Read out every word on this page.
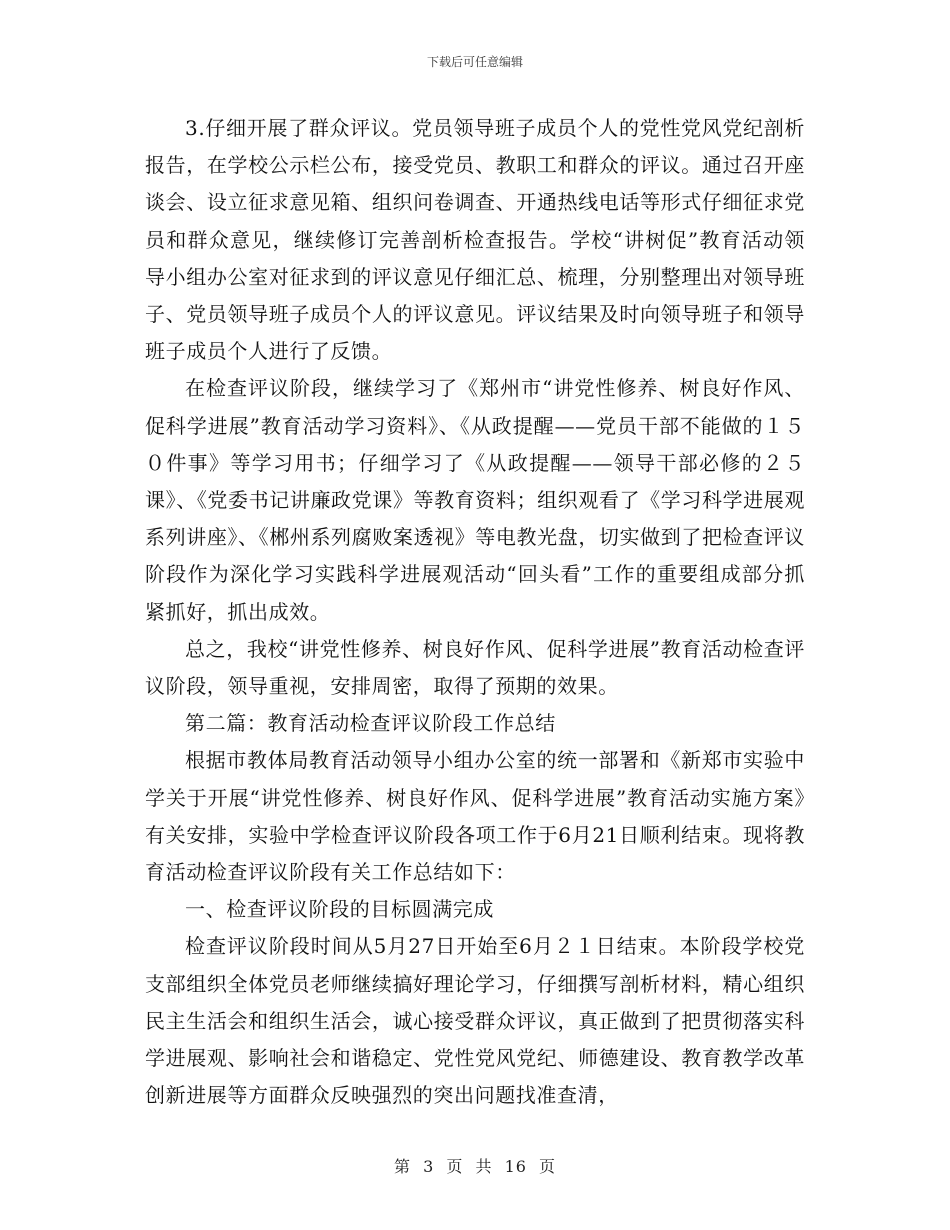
下载后可任意编辑

3.仔细开展了群众评议。党员领导班子成员个人的党性党风党纪剖析报告，在学校公示栏公布，接受党员、教职工和群众的评议。通过召开座谈会、设立征求意见箱、组织问卷调查、开通热线电话等形式仔细征求党员和群众意见，继续修订完善剖析检查报告。学校“讲树促”教育活动领导小组办公室对征求到的评议意见仔细汇总、梳理，分别整理出对领导班子、党员领导班子成员个人的评议意见。评议结果及时向领导班子和领导班子成员个人进行了反馈。

在检查评议阶段，继续学习了《郑州市“讲党性修养、树良好作风、促科学进展”教育活动学习资料》、《从政提醒——党员干部不能做的１５０件事》等学习用书；仔细学习了《从政提醒——领导干部必修的２５课》、《党委书记讲廉政党课》等教育资料；组织观看了《学习科学进展观系列讲座》、《郴州系列腐败案透视》等电教光盘，切实做到了把检查评议阶段作为深化学习实践科学进展观活动“回头看”工作的重要组成部分抓紧抓好，抓出成效。

总之，我校“讲党性修养、树良好作风、促科学进展”教育活动检查评议阶段，领导重视，安排周密，取得了预期的效果。

第二篇：教育活动检查评议阶段工作总结

根据市教体局教育活动领导小组办公室的统一部署和《新郑市实验中学关于开展“讲党性修养、树良好作风、促科学进展”教育活动实施方案》有关安排，实验中学检查评议阶段各项工作于6月21日顺利结束。现将教育活动检查评议阶段有关工作总结如下：

一、检查评议阶段的目标圆满完成

检查评议阶段时间从5月27日开始至6月２１日结束。本阶段学校党支部组织全体党员老师继续搞好理论学习，仔细撰写剖析材料，精心组织民主生活会和组织生活会，诚心接受群众评议，真正做到了把贯彻落实科学进展观、影响社会和谐稳定、党性党风党纪、师德建设、教育教学改革创新进展等方面群众反映强烈的突出问题找准查清，

第 3 页 共 16 页
